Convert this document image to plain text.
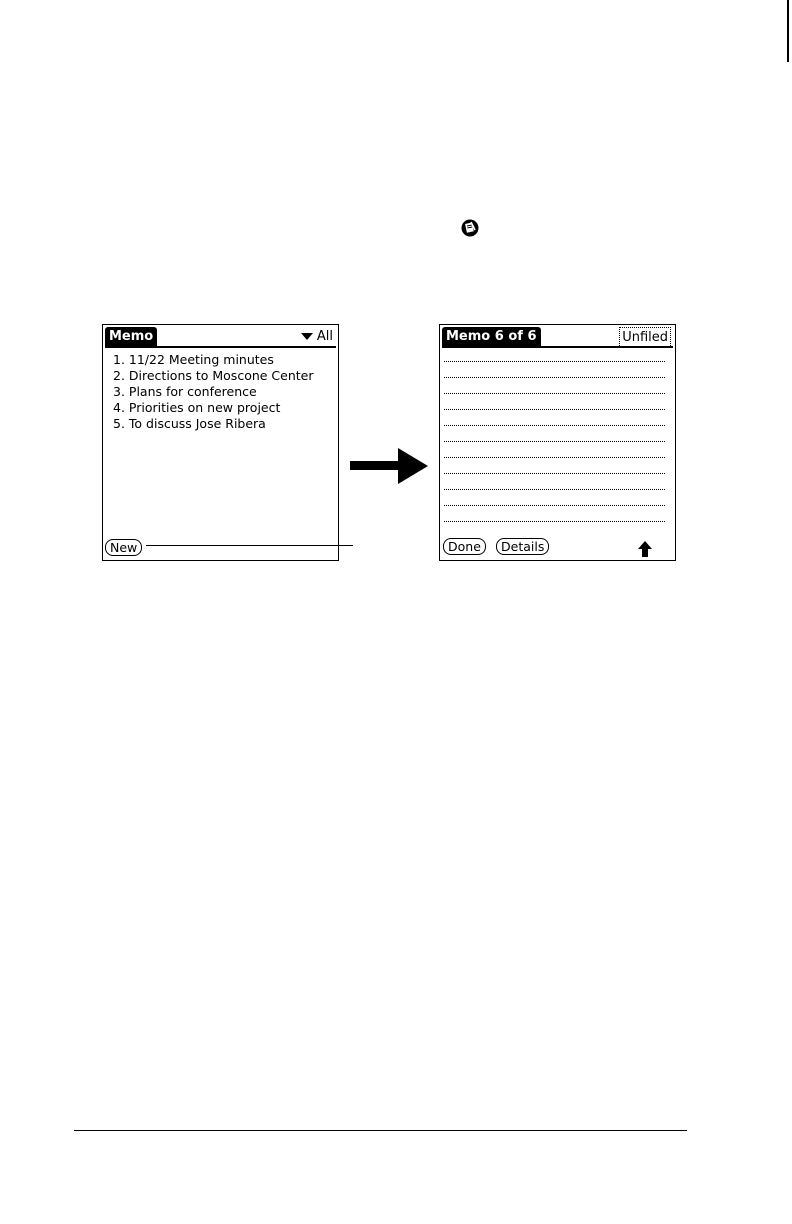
Memo	All
1. 11/22 Meeting minutes
2. Directions to Moscone Center
3. Plans for conference
4. Priorities on new project
5. To discuss Jose Ribera
New
Memo 6 of 6	Unfiled
Done	Details
